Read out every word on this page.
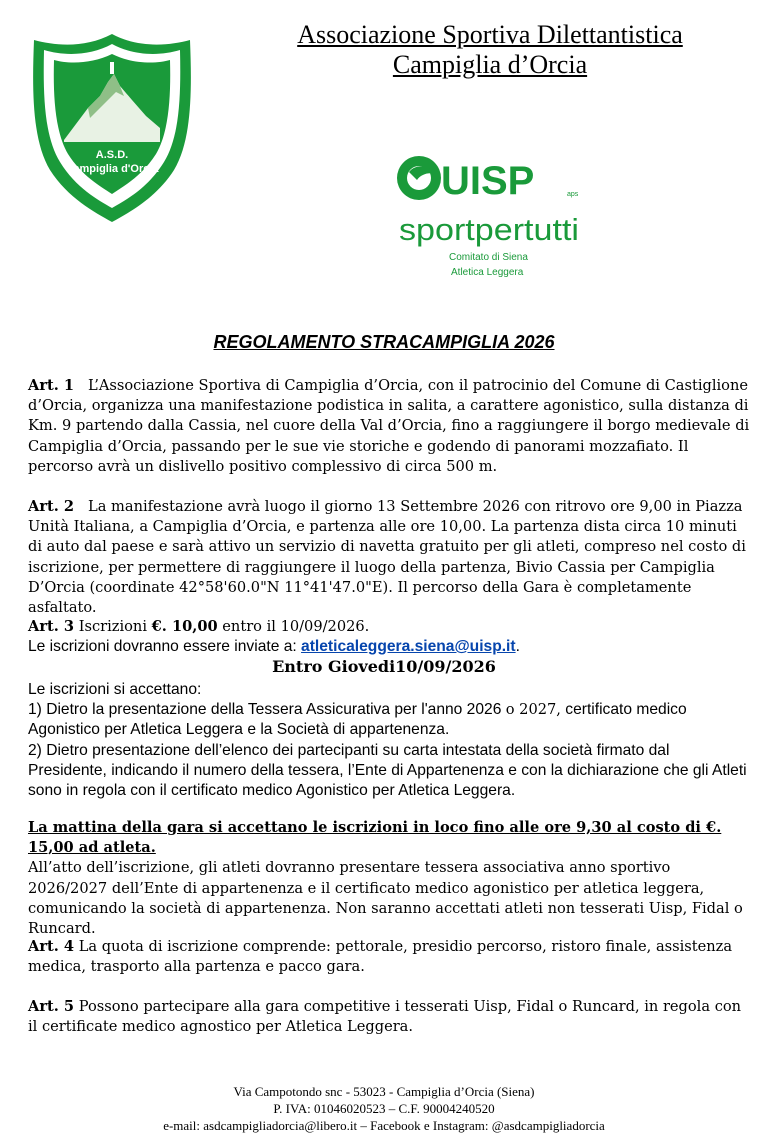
A.S.D.
Campiglia d'Orcia
Associazione Sportiva Dilettantistica
Campiglia d’Orcia
UISP	aps
sportpertutti
Comitato di Siena
Atletica Leggera
REGOLAMENTO STRACAMPIGLIA 2026
Art. 1 L’Associazione Sportiva di Campiglia d’Orcia, con il patrocinio del Comune di Castiglione d’Orcia, organizza una manifestazione podistica in salita, a carattere agonistico, sulla distanza di Km. 9 partendo dalla Cassia, nel cuore della Val d’Orcia, fino a raggiungere il borgo medievale di Campiglia d’Orcia, passando per le sue vie storiche e godendo di panorami mozzafiato. Il percorso avrà un dislivello positivo complessivo di circa 500 m.
Art. 2 La manifestazione avrà luogo il giorno 13 Settembre 2026 con ritrovo ore 9,00 in Piazza Unità Italiana, a Campiglia d’Orcia, e partenza alle ore 10,00. La partenza dista circa 10 minuti di auto dal paese e sarà attivo un servizio di navetta gratuito per gli atleti, compreso nel costo di iscrizione, per permettere di raggiungere il luogo della partenza, Bivio Cassia per Campiglia D’Orcia (coordinate 42°58'60.0"N 11°41'47.0"E). Il percorso della Gara è completamente asfaltato.
Art. 3 Iscrizioni €. 10,00 entro il 10/09/2026.
Le iscrizioni dovranno essere inviate a: atleticaleggera.siena@uisp.it.
Entro Giovedi10/09/2026
Le iscrizioni si accettano:
1) Dietro la presentazione della Tessera Assicurativa per l'anno 2026 o 2027, certificato medico Agonistico per Atletica Leggera e la Società di appartenenza.
2) Dietro presentazione dell’elenco dei partecipanti su carta intestata della società firmato dal Presidente, indicando il numero della tessera, l’Ente di Appartenenza e con la dichiarazione che gli Atleti sono in regola con il certificato medico Agonistico per Atletica Leggera.
La mattina della gara si accettano le iscrizioni in loco fino alle ore 9,30 al costo di €. 15,00 ad atleta.
All’atto dell’iscrizione, gli atleti dovranno presentare tessera associativa anno sportivo 2026/2027 dell’Ente di appartenenza e il certificato medico agonistico per atletica leggera, comunicando la società di appartenenza. Non saranno accettati atleti non tesserati Uisp, Fidal o Runcard.
Art. 4 La quota di iscrizione comprende: pettorale, presidio percorso, ristoro finale, assistenza medica, trasporto alla partenza e pacco gara.
Art. 5 Possono partecipare alla gara competitive i tesserati Uisp, Fidal o Runcard, in regola con il certificate medico agnostico per Atletica Leggera.
Via Campotondo snc - 53023 - Campiglia d’Orcia (Siena)
P. IVA: 01046020523 – C.F. 90004240520
e-mail: asdcampigliadorcia@libero.it – Facebook e Instagram: @asdcampigliadorcia
